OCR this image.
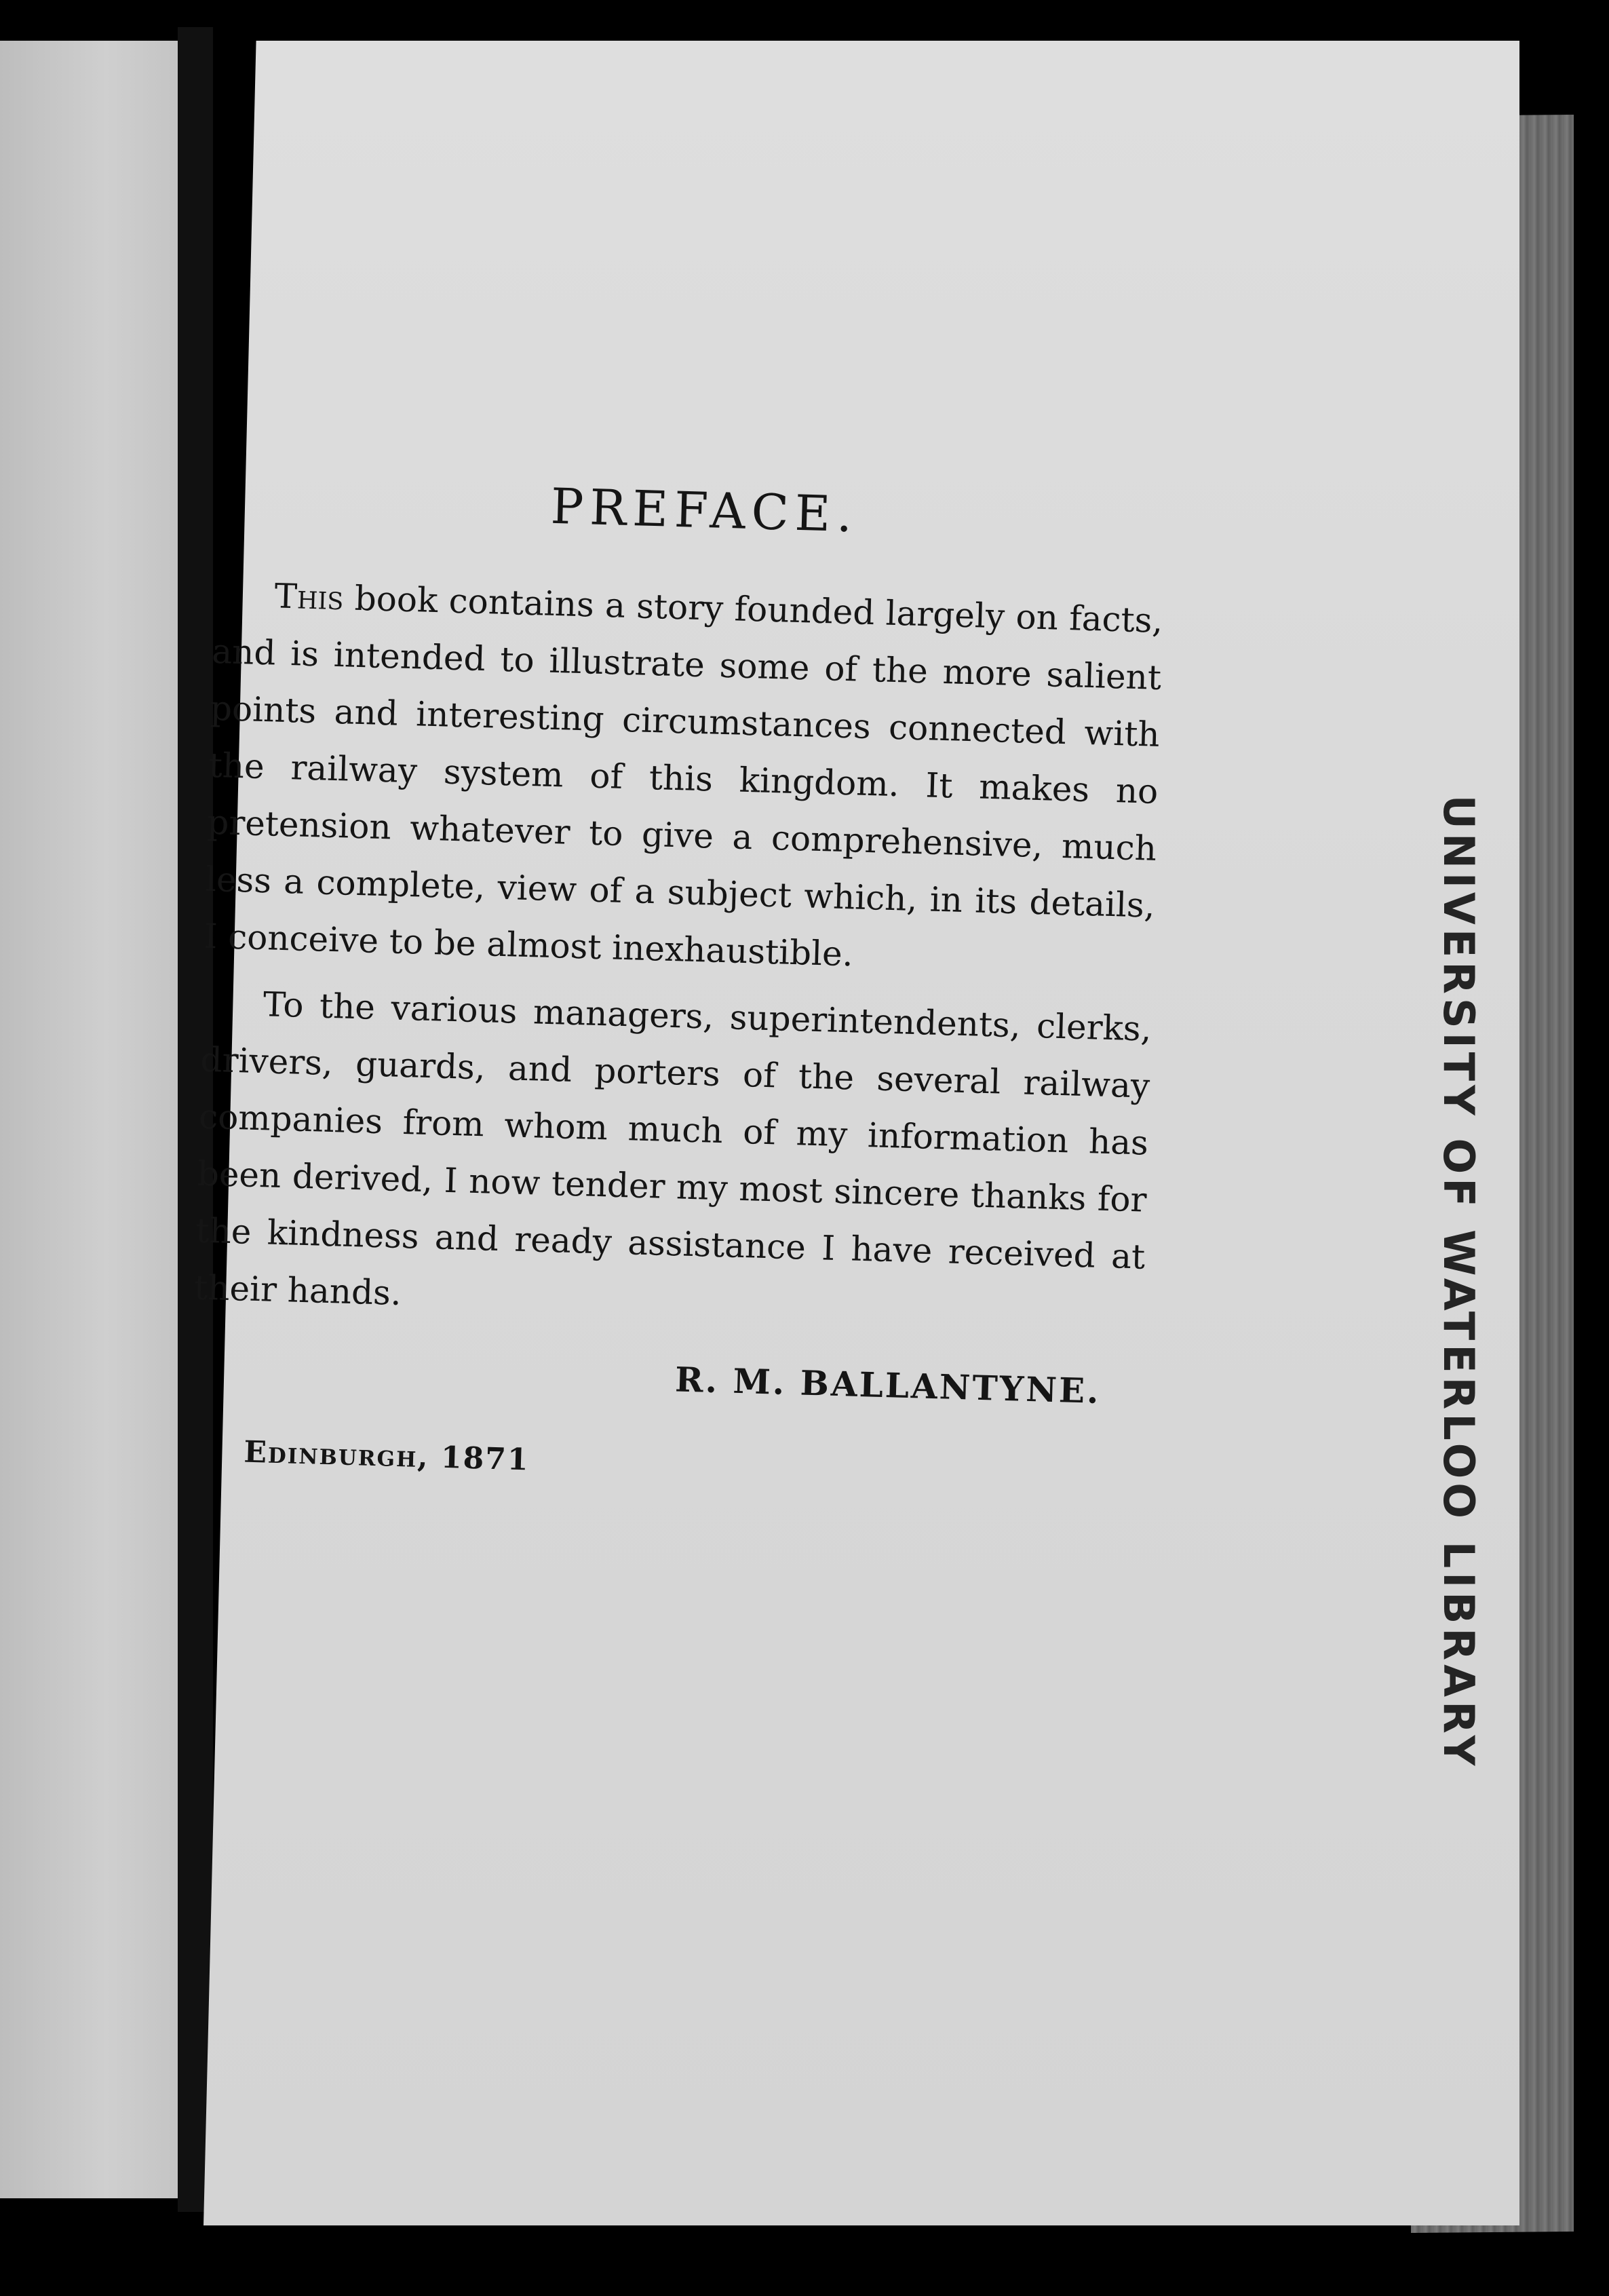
UNIVERSITY OF WATERLOO LIBRARY
PREFACE.

This book contains a story founded largely on facts, and is intended to illustrate some of the more salient points and interesting circumstances connected with the railway system of this kingdom. It makes no pretension whatever to give a comprehensive, much less a complete, view of a subject which, in its details, I conceive to be almost inexhaustible.

To the various managers, superintendents, clerks, drivers, guards, and porters of the several railway companies from whom much of my information has been derived, I now tender my most sincere thanks for the kindness and ready assistance I have received at their hands.

R. M. BALLANTYNE.
Edinburgh, 1871
